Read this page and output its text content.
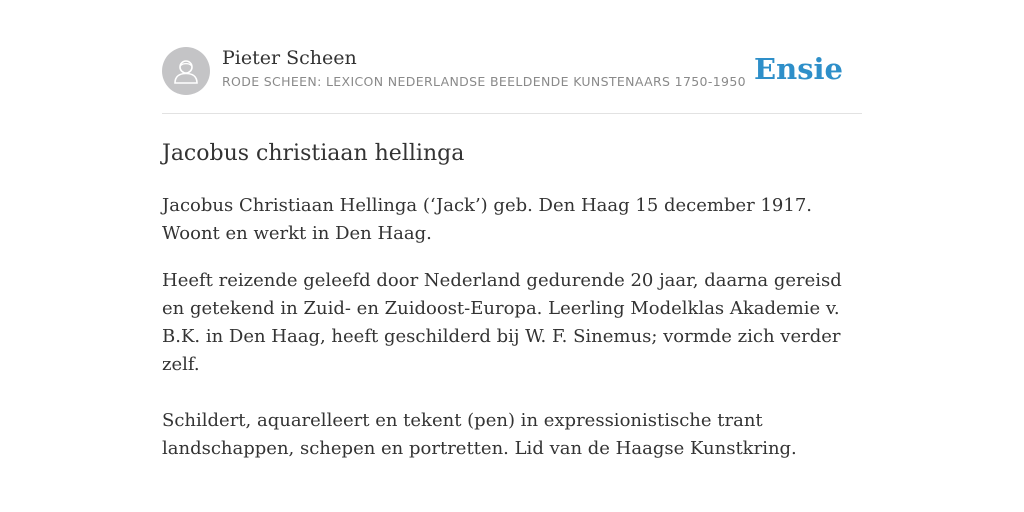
Pieter Scheen
RODE SCHEEN: LEXICON NEDERLANDSE BEELDENDE KUNSTENAARS 1750-1950 Ensie
Jacobus christiaan hellinga

Jacobus Christiaan Hellinga (‘Jack’) geb. Den Haag 15 december 1917. Woont en werkt in Den Haag.

Heeft reizende geleefd door Nederland gedurende 20 jaar, daarna gereisd en getekend in Zuid- en Zuidoost-Europa. Leerling Modelklas Akademie v. B.K. in Den Haag, heeft geschilderd bij W. F. Sinemus; vormde zich verder zelf.

Schildert, aquarelleert en tekent (pen) in expressionistische trant landschappen, schepen en portretten. Lid van de Haagse Kunstkring.
